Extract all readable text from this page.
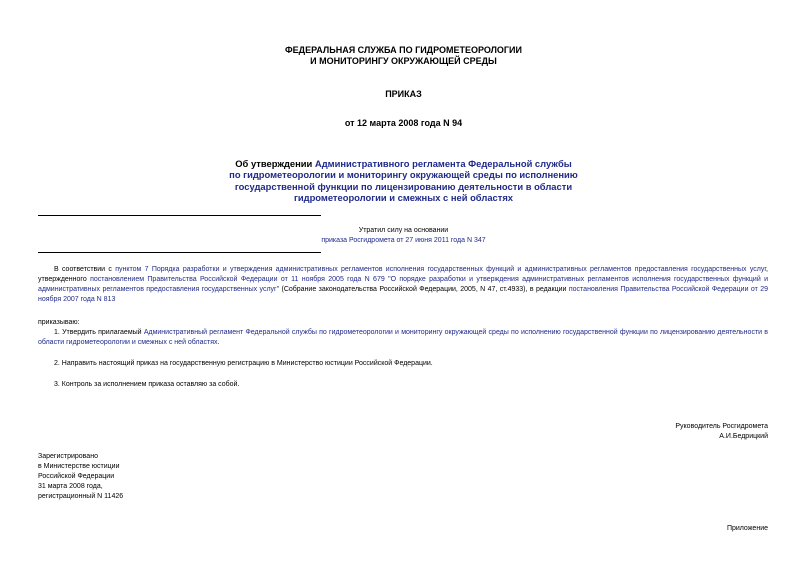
ФЕДЕРАЛЬНАЯ СЛУЖБА ПО ГИДРОМЕТЕОРОЛОГИИ

И МОНИТОРИНГУ ОКРУЖАЮЩЕЙ СРЕДЫ

ПРИКАЗ
от 12 марта 2008 года N 94

Об утверждении Административного регламента Федеральной службы

по гидрометеорологии и мониторингу окружающей среды по исполнению

государственной функции по лицензированию деятельности в области

гидрометеорологии и смежных с ней областях

Утратил силу на основании

приказа Росгидромета от 27 июня 2011 года N 347

В соответствии с пунктом 7 Порядка разработки и утверждения административных регламентов исполнения государственных функций и административных регламентов предоставления государственных услуг, утвержденного постановлением Правительства Российской Федерации от 11 ноября 2005 года N 679 "О порядке разработки и утверждения административных регламентов исполнения государственных функций и административных регламентов предоставления государственных услуг" (Собрание законодательства Российской Федерации, 2005, N 47, ст.4933), в редакции постановления Правительства Российской Федерации от 29 ноября 2007 года N 813
приказываю:
1. Утвердить прилагаемый Административный регламент Федеральной службы по гидрометеорологии и мониторингу окружающей среды по исполнению государственной функции по лицензированию деятельности в области гидрометеорологии и смежных с ней областях.
2. Направить настоящий приказ на государственную регистрацию в Министерство юстиции Российской Федерации.
3. Контроль за исполнением приказа оставляю за собой.

Руководитель Росгидромета

А.И.Бедрицкий

Зарегистрировано

в Министерстве юстиции

Российской Федерации

31 марта 2008 года,

регистрационный N 11426

Приложение
